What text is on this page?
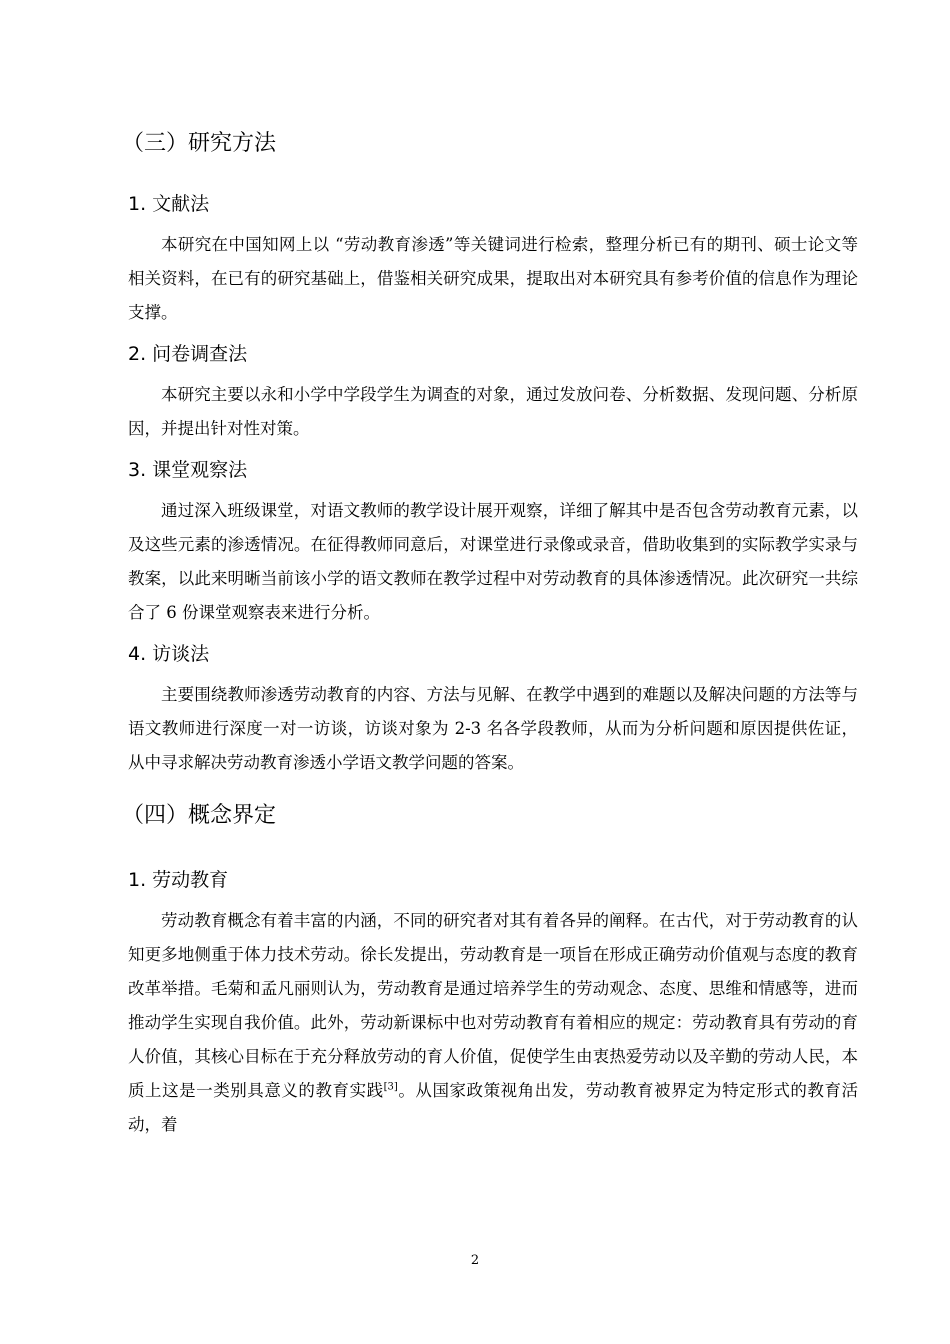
（三）研究方法
1. 文献法

本研究在中国知网上以 “劳动教育渗透”等关键词进行检索，整理分析已有的期刊、硕士论文等相关资料，在已有的研究基础上，借鉴相关研究成果，提取出对本研究具有参考价值的信息作为理论支撑。

2. 问卷调查法

本研究主要以永和小学中学段学生为调查的对象，通过发放问卷、分析数据、发现问题、分析原因，并提出针对性对策。

3. 课堂观察法

通过深入班级课堂，对语文教师的教学设计展开观察，详细了解其中是否包含劳动教育元素，以及这些元素的渗透情况。在征得教师同意后，对课堂进行录像或录音，借助收集到的实际教学实录与教案，以此来明晰当前该小学的语文教师在教学过程中对劳动教育的具体渗透情况。此次研究一共综合了 6 份课堂观察表来进行分析。

4. 访谈法

主要围绕教师渗透劳动教育的内容、方法与见解、在教学中遇到的难题以及解决问题的方法等与语文教师进行深度一对一访谈，访谈对象为 2-3 名各学段教师，从而为分析问题和原因提供佐证，从中寻求解决劳动教育渗透小学语文教学问题的答案。

（四）概念界定
1. 劳动教育

劳动教育概念有着丰富的内涵，不同的研究者对其有着各异的阐释。在古代，对于劳动教育的认知更多地侧重于体力技术劳动。徐长发提出，劳动教育是一项旨在形成正确劳动价值观与态度的教育改革举措。毛菊和孟凡丽则认为，劳动教育是通过培养学生的劳动观念、态度、思维和情感等，进而推动学生实现自我价值。此外，劳动新课标中也对劳动教育有着相应的规定：劳动教育具有劳动的育人价值，其核心目标在于充分释放劳动的育人价值，促使学生由衷热爱劳动以及辛勤的劳动人民，本质上这是一类别具意义的教育实践[3]。从国家政策视角出发，劳动教育被界定为特定形式的教育活动，着

2
